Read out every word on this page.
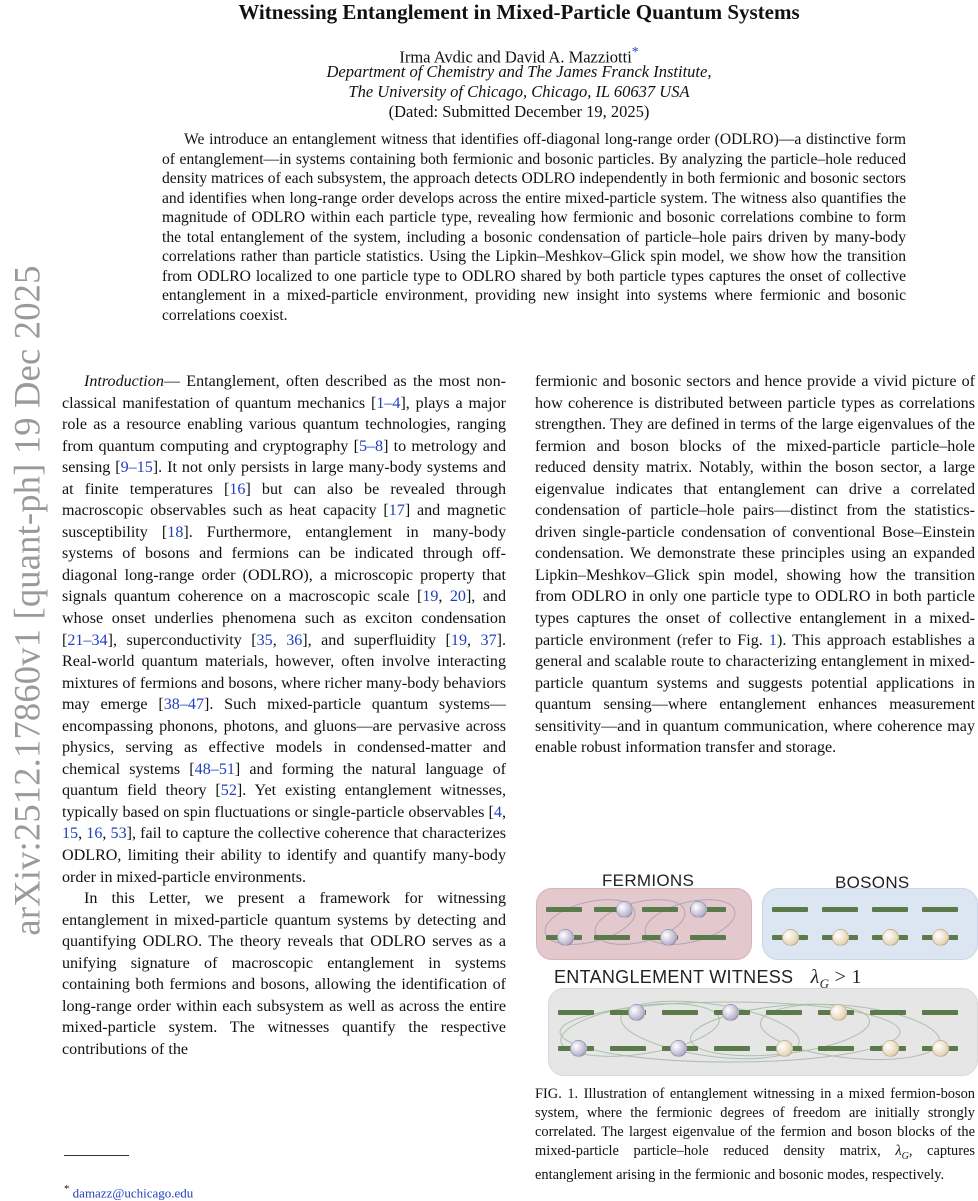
arXiv:2512.17860v1 [quant-ph] 19 Dec 2025
Witnessing Entanglement in Mixed-Particle Quantum Systems
Irma Avdic and David A. Mazziotti*
Department of Chemistry and The James Franck Institute,
The University of Chicago, Chicago, IL 60637 USA
(Dated: Submitted December 19, 2025)

We introduce an entanglement witness that identifies off-diagonal long-range order (ODLRO)—a distinctive form of entanglement—in systems containing both fermionic and bosonic particles. By analyzing the particle–hole reduced density matrices of each subsystem, the approach detects ODLRO independently in both fermionic and bosonic sectors and identifies when long-range order develops across the entire mixed-particle system. The witness also quantifies the magnitude of ODLRO within each particle type, revealing how fermionic and bosonic correlations combine to form the total entanglement of the system, including a bosonic condensation of particle–hole pairs driven by many-body correlations rather than particle statistics. Using the Lipkin–Meshkov–Glick spin model, we show how the transition from ODLRO localized to one particle type to ODLRO shared by both particle types captures the onset of collective entanglement in a mixed-particle environment, providing new insight into systems where fermionic and bosonic correlations coexist.

Introduction— Entanglement, often described as the most non-classical manifestation of quantum mechanics [1–4], plays a major role as a resource enabling various quantum technologies, ranging from quantum computing and cryptography [5–8] to metrology and sensing [9–15]. It not only persists in large many-body systems and at finite temperatures [16] but can also be revealed through macroscopic observables such as heat capacity [17] and magnetic susceptibility [18]. Furthermore, entanglement in many-body systems of bosons and fermions can be indicated through off-diagonal long-range order (ODLRO), a microscopic property that signals quantum coherence on a macroscopic scale [19, 20], and whose onset underlies phenomena such as exciton condensation [21–34], superconductivity [35, 36], and superfluidity [19, 37]. Real-world quantum materials, however, often involve interacting mixtures of fermions and bosons, where richer many-body behaviors may emerge [38–47]. Such mixed-particle quantum systems—encompassing phonons, photons, and gluons—are pervasive across physics, serving as effective models in condensed-matter and chemical systems [48–51] and forming the natural language of quantum field theory [52]. Yet existing entanglement witnesses, typically based on spin fluctuations or single-particle observables [4, 15, 16, 53], fail to capture the collective coherence that characterizes ODLRO, limiting their ability to identify and quantify many-body order in mixed-particle environments.

In this Letter, we present a framework for witnessing entanglement in mixed-particle quantum systems by detecting and quantifying ODLRO. The theory reveals that ODLRO serves as a unifying signature of macroscopic entanglement in systems containing both fermions and bosons, allowing the identification of long-range order within each subsystem as well as across the entire mixed-particle system. The witnesses quantify the respective contributions of the

* damazz@uchicago.edu

fermionic and bosonic sectors and hence provide a vivid picture of how coherence is distributed between particle types as correlations strengthen. They are defined in terms of the large eigenvalues of the fermion and boson blocks of the mixed-particle particle–hole reduced density matrix. Notably, within the boson sector, a large eigenvalue indicates that entanglement can drive a correlated condensation of particle–hole pairs—distinct from the statistics-driven single-particle condensation of conventional Bose–Einstein condensation. We demonstrate these principles using an expanded Lipkin–Meshkov–Glick spin model, showing how the transition from ODLRO in only one particle type to ODLRO in both particle types captures the onset of collective entanglement in a mixed-particle environment (refer to Fig. 1). This approach establishes a general and scalable route to characterizing entanglement in mixed-particle quantum systems and suggests potential applications in quantum sensing—where entanglement enhances measurement sensitivity—and in quantum communication, where coherence may enable robust information transfer and storage.

FERMIONS	BOSONS
ENTANGLEMENT WITNESS $\lambda_G > 1$

FIG. 1. Illustration of entanglement witnessing in a mixed fermion-boson system, where the fermionic degrees of freedom are initially strongly correlated. The largest eigenvalue of the fermion and boson blocks of the mixed-particle particle–hole reduced density matrix, $\lambda_G$, captures entanglement arising in the fermionic and bosonic modes, respectively.
